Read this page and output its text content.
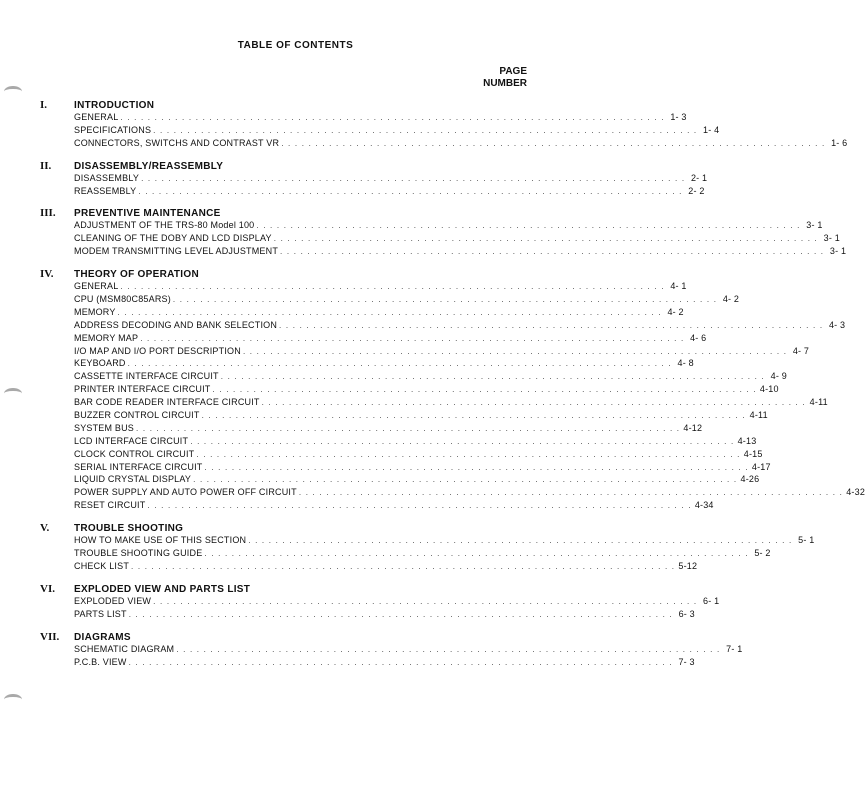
TABLE OF CONTENTS
PAGE
NUMBER
I.	INTRODUCTION
GENERAL . . . . . . . . . . . . . . . . . . . . . . . . . . . . . . . . . . . . . . . . . . . . . . . . . . . . . . . . . . . . . . . . . . . . . . . . . . . . . . . . 1- 3
SPECIFICATIONS . . . . . . . . . . . . . . . . . . . . . . . . . . . . . . . . . . . . . . . . . . . . . . . . . . . . . . . . . . . . . . . . . . . . . . . . . . . . . . . . 1- 4
CONNECTORS, SWITCHS AND CONTRAST VR . . . . . . . . . . . . . . . . . . . . . . . . . . . . . . . . . . . . . . . . . . . . . . . . . . . . . . . . . . . . . . . . . . . . . . . . . . . . . . . . 1- 6
II.	DISASSEMBLY/REASSEMBLY
DISASSEMBLY . . . . . . . . . . . . . . . . . . . . . . . . . . . . . . . . . . . . . . . . . . . . . . . . . . . . . . . . . . . . . . . . . . . . . . . . . . . . . . . . 2- 1
REASSEMBLY . . . . . . . . . . . . . . . . . . . . . . . . . . . . . . . . . . . . . . . . . . . . . . . . . . . . . . . . . . . . . . . . . . . . . . . . . . . . . . . . 2- 2
III.	PREVENTIVE MAINTENANCE
ADJUSTMENT OF THE TRS-80 Model 100 . . . . . . . . . . . . . . . . . . . . . . . . . . . . . . . . . . . . . . . . . . . . . . . . . . . . . . . . . . . . . . . . . . . . . . . . . . . . . . . . 3- 1
CLEANING OF THE DOBY AND LCD DISPLAY . . . . . . . . . . . . . . . . . . . . . . . . . . . . . . . . . . . . . . . . . . . . . . . . . . . . . . . . . . . . . . . . . . . . . . . . . . . . . . . . 3- 1
MODEM TRANSMITTING LEVEL ADJUSTMENT . . . . . . . . . . . . . . . . . . . . . . . . . . . . . . . . . . . . . . . . . . . . . . . . . . . . . . . . . . . . . . . . . . . . . . . . . . . . . . . . 3- 1
IV.	THEORY OF OPERATION
GENERAL . . . . . . . . . . . . . . . . . . . . . . . . . . . . . . . . . . . . . . . . . . . . . . . . . . . . . . . . . . . . . . . . . . . . . . . . . . . . . . . . 4- 1
CPU (MSM80C85ARS) . . . . . . . . . . . . . . . . . . . . . . . . . . . . . . . . . . . . . . . . . . . . . . . . . . . . . . . . . . . . . . . . . . . . . . . . . . . . . . . . 4- 2
MEMORY . . . . . . . . . . . . . . . . . . . . . . . . . . . . . . . . . . . . . . . . . . . . . . . . . . . . . . . . . . . . . . . . . . . . . . . . . . . . . . . . 4- 2
ADDRESS DECODING AND BANK SELECTION . . . . . . . . . . . . . . . . . . . . . . . . . . . . . . . . . . . . . . . . . . . . . . . . . . . . . . . . . . . . . . . . . . . . . . . . . . . . . . . . 4- 3
MEMORY MAP . . . . . . . . . . . . . . . . . . . . . . . . . . . . . . . . . . . . . . . . . . . . . . . . . . . . . . . . . . . . . . . . . . . . . . . . . . . . . . . . 4- 6
I/O MAP AND I/O PORT DESCRIPTION . . . . . . . . . . . . . . . . . . . . . . . . . . . . . . . . . . . . . . . . . . . . . . . . . . . . . . . . . . . . . . . . . . . . . . . . . . . . . . . . 4- 7
KEYBOARD . . . . . . . . . . . . . . . . . . . . . . . . . . . . . . . . . . . . . . . . . . . . . . . . . . . . . . . . . . . . . . . . . . . . . . . . . . . . . . . . 4- 8
CASSETTE INTERFACE CIRCUIT . . . . . . . . . . . . . . . . . . . . . . . . . . . . . . . . . . . . . . . . . . . . . . . . . . . . . . . . . . . . . . . . . . . . . . . . . . . . . . . . 4- 9
PRINTER INTERFACE CIRCUIT . . . . . . . . . . . . . . . . . . . . . . . . . . . . . . . . . . . . . . . . . . . . . . . . . . . . . . . . . . . . . . . . . . . . . . . . . . . . . . . . 4-10
BAR CODE READER INTERFACE CIRCUIT . . . . . . . . . . . . . . . . . . . . . . . . . . . . . . . . . . . . . . . . . . . . . . . . . . . . . . . . . . . . . . . . . . . . . . . . . . . . . . . . 4-11
BUZZER CONTROL CIRCUIT . . . . . . . . . . . . . . . . . . . . . . . . . . . . . . . . . . . . . . . . . . . . . . . . . . . . . . . . . . . . . . . . . . . . . . . . . . . . . . . . 4-11
SYSTEM BUS . . . . . . . . . . . . . . . . . . . . . . . . . . . . . . . . . . . . . . . . . . . . . . . . . . . . . . . . . . . . . . . . . . . . . . . . . . . . . . . . 4-12
LCD INTERFACE CIRCUIT . . . . . . . . . . . . . . . . . . . . . . . . . . . . . . . . . . . . . . . . . . . . . . . . . . . . . . . . . . . . . . . . . . . . . . . . . . . . . . . . 4-13
CLOCK CONTROL CIRCUIT . . . . . . . . . . . . . . . . . . . . . . . . . . . . . . . . . . . . . . . . . . . . . . . . . . . . . . . . . . . . . . . . . . . . . . . . . . . . . . . . 4-15
SERIAL INTERFACE CIRCUIT . . . . . . . . . . . . . . . . . . . . . . . . . . . . . . . . . . . . . . . . . . . . . . . . . . . . . . . . . . . . . . . . . . . . . . . . . . . . . . . . 4-17
LIQUID CRYSTAL DISPLAY . . . . . . . . . . . . . . . . . . . . . . . . . . . . . . . . . . . . . . . . . . . . . . . . . . . . . . . . . . . . . . . . . . . . . . . . . . . . . . . . 4-26
POWER SUPPLY AND AUTO POWER OFF CIRCUIT . . . . . . . . . . . . . . . . . . . . . . . . . . . . . . . . . . . . . . . . . . . . . . . . . . . . . . . . . . . . . . . . . . . . . . . . . . . . . . . . 4-32
RESET CIRCUIT . . . . . . . . . . . . . . . . . . . . . . . . . . . . . . . . . . . . . . . . . . . . . . . . . . . . . . . . . . . . . . . . . . . . . . . . . . . . . . . . 4-34
V.	TROUBLE SHOOTING
HOW TO MAKE USE OF THIS SECTION . . . . . . . . . . . . . . . . . . . . . . . . . . . . . . . . . . . . . . . . . . . . . . . . . . . . . . . . . . . . . . . . . . . . . . . . . . . . . . . . 5- 1
TROUBLE SHOOTING GUIDE . . . . . . . . . . . . . . . . . . . . . . . . . . . . . . . . . . . . . . . . . . . . . . . . . . . . . . . . . . . . . . . . . . . . . . . . . . . . . . . . 5- 2
CHECK LIST . . . . . . . . . . . . . . . . . . . . . . . . . . . . . . . . . . . . . . . . . . . . . . . . . . . . . . . . . . . . . . . . . . . . . . . . . . . . . . . . 5-12
VI.	EXPLODED VIEW AND PARTS LIST
EXPLODED VIEW . . . . . . . . . . . . . . . . . . . . . . . . . . . . . . . . . . . . . . . . . . . . . . . . . . . . . . . . . . . . . . . . . . . . . . . . . . . . . . . . 6- 1
PARTS LIST . . . . . . . . . . . . . . . . . . . . . . . . . . . . . . . . . . . . . . . . . . . . . . . . . . . . . . . . . . . . . . . . . . . . . . . . . . . . . . . . 6- 3
VII.	DIAGRAMS
SCHEMATIC DIAGRAM . . . . . . . . . . . . . . . . . . . . . . . . . . . . . . . . . . . . . . . . . . . . . . . . . . . . . . . . . . . . . . . . . . . . . . . . . . . . . . . . 7- 1
P.C.B. VIEW . . . . . . . . . . . . . . . . . . . . . . . . . . . . . . . . . . . . . . . . . . . . . . . . . . . . . . . . . . . . . . . . . . . . . . . . . . . . . . . . 7- 3
